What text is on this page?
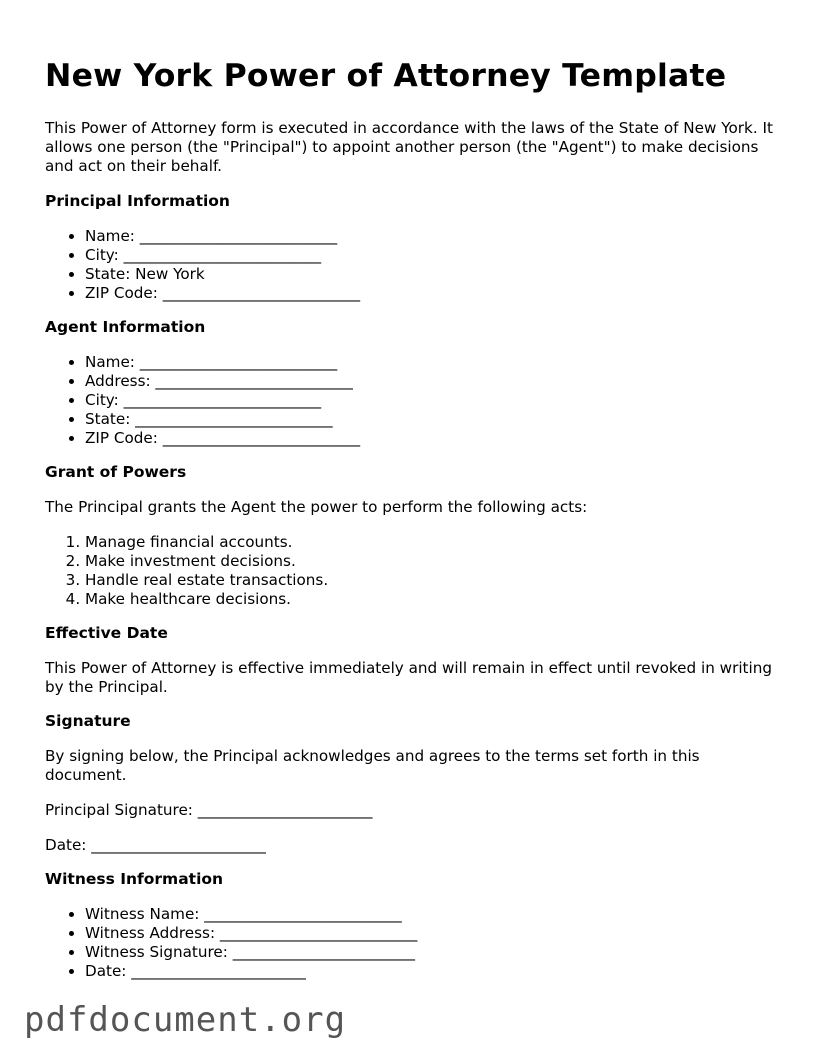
New York Power of Attorney Template

This Power of Attorney form is executed in accordance with the laws of the State of New York. It allows one person (the "Principal") to appoint another person (the "Agent") to make decisions and act on their behalf.

Principal Information
• Name: __________________________
• City: __________________________
• State: New York
• ZIP Code: __________________________
Agent Information
• Name: __________________________
• Address: __________________________
• City: __________________________
• State: __________________________
• ZIP Code: __________________________
Grant of Powers

The Principal grants the Agent the power to perform the following acts:

1. Manage financial accounts.
2. Make investment decisions.
3. Handle real estate transactions.
4. Make healthcare decisions.
Effective Date

This Power of Attorney is effective immediately and will remain in effect until revoked in writing by the Principal.

Signature

By signing below, the Principal acknowledges and agrees to the terms set forth in this document.

Principal Signature: _______________________

Date: _______________________

Witness Information
• Witness Name: __________________________
• Witness Address: __________________________
• Witness Signature: ________________________
• Date: _______________________
pdfdocument.org
